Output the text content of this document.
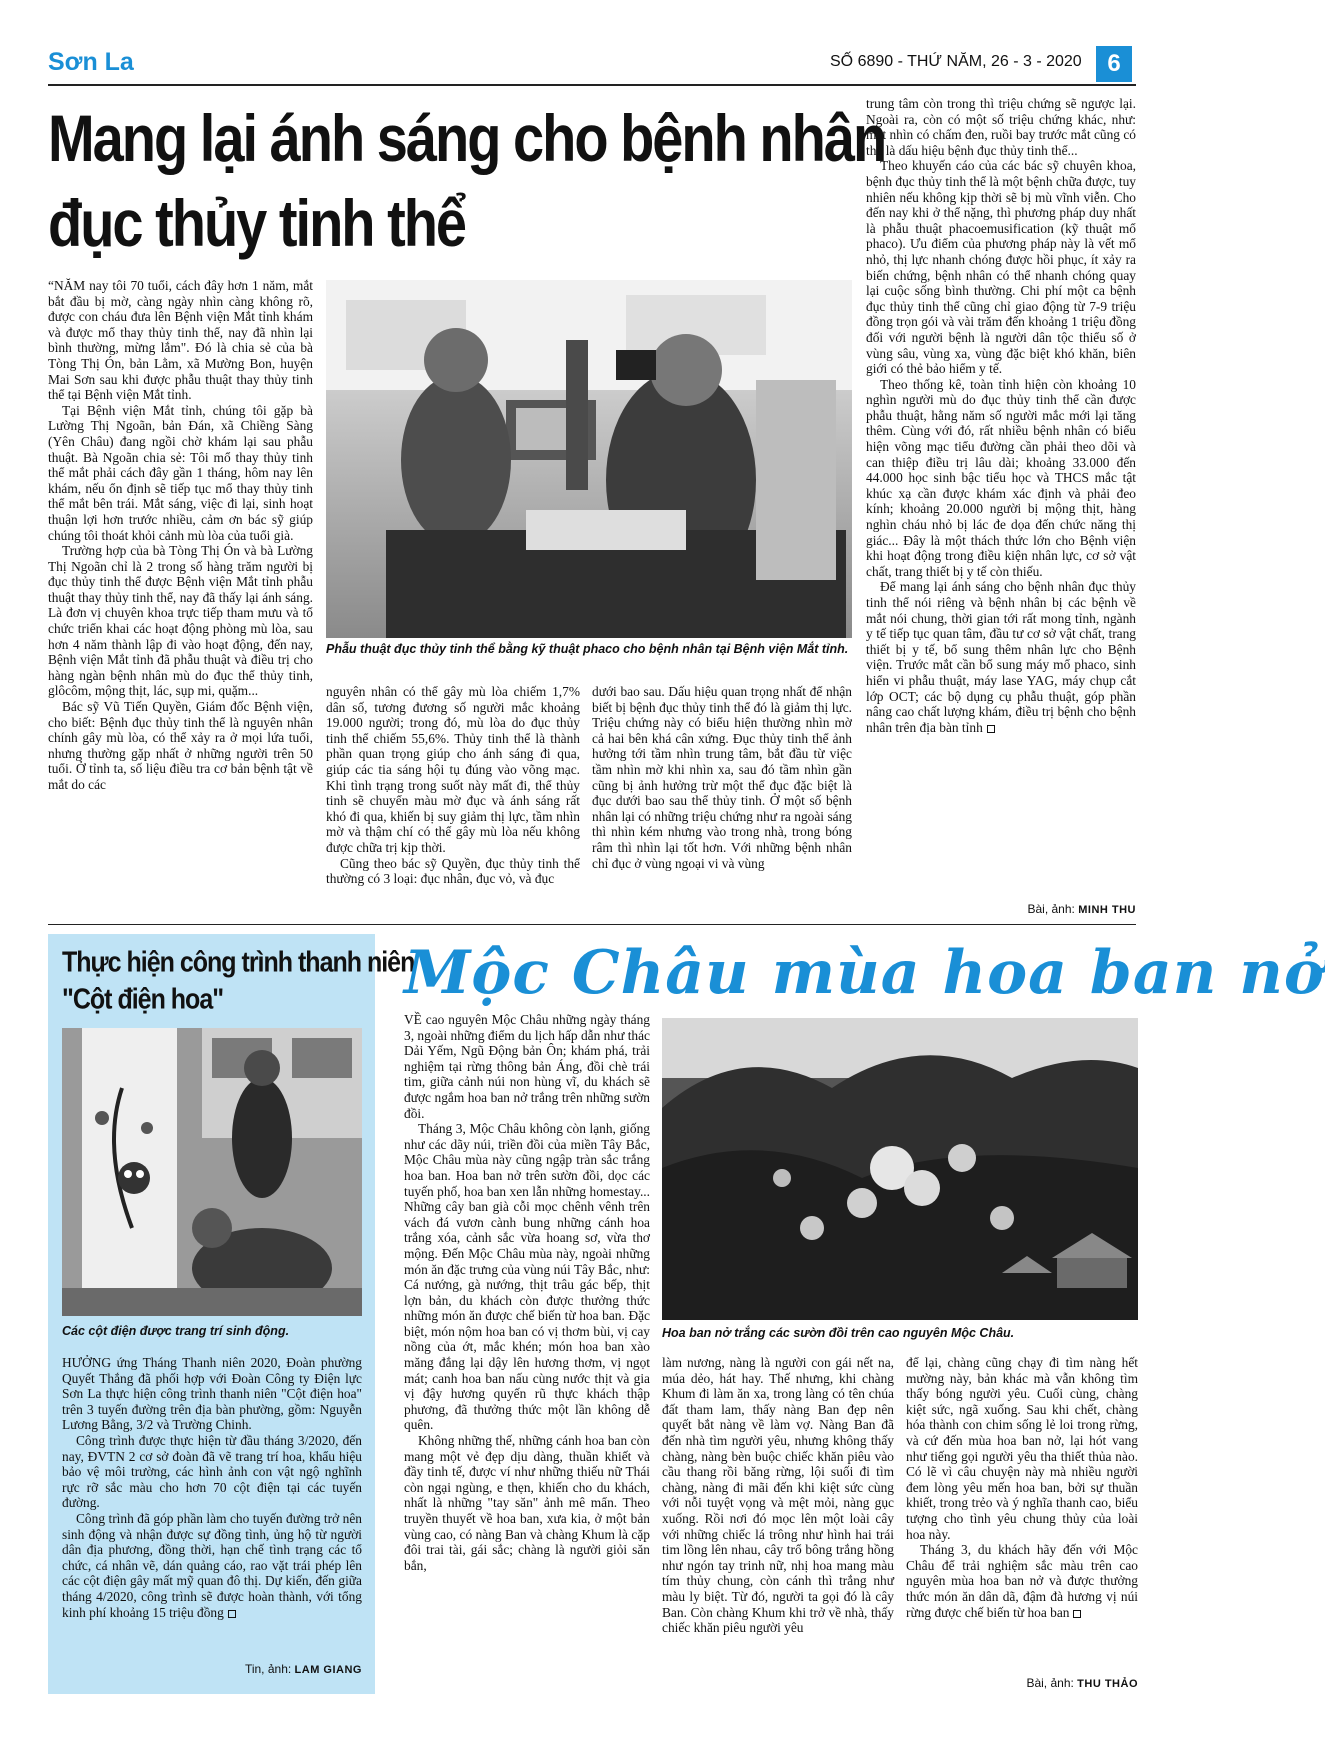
Sơn La	SỐ 6890 - THỨ NĂM, 26 - 3 - 2020	6
Mang lại ánh sáng cho bệnh nhân
đục thủy tinh thể

“NĂM nay tôi 70 tuổi, cách đây hơn 1 năm, mắt bắt đầu bị mờ, càng ngày nhìn càng không rõ, được con cháu đưa lên Bệnh viện Mắt tỉnh khám và được mổ thay thủy tinh thể, nay đã nhìn lại bình thường, mừng lắm". Đó là chia sẻ của bà Tòng Thị Ón, bản Lằm, xã Mường Bon, huyện Mai Sơn sau khi được phẫu thuật thay thủy tinh thể tại Bệnh viện Mắt tỉnh.

Tại Bệnh viện Mắt tỉnh, chúng tôi gặp bà Lường Thị Ngoãn, bản Đán, xã Chiềng Sàng (Yên Châu) đang ngồi chờ khám lại sau phẫu thuật. Bà Ngoãn chia sẻ: Tôi mổ thay thủy tinh thể mắt phải cách đây gần 1 tháng, hôm nay lên khám, nếu ổn định sẽ tiếp tục mổ thay thủy tinh thể mắt bên trái. Mắt sáng, việc đi lại, sinh hoạt thuận lợi hơn trước nhiều, cảm ơn bác sỹ giúp chúng tôi thoát khỏi cảnh mù lòa của tuổi già.

Trường hợp của bà Tòng Thị Ón và bà Lường Thị Ngoãn chỉ là 2 trong số hàng trăm người bị đục thủy tinh thể được Bệnh viện Mắt tỉnh phẫu thuật thay thủy tinh thể, nay đã thấy lại ánh sáng. Là đơn vị chuyên khoa trực tiếp tham mưu và tổ chức triển khai các hoạt động phòng mù lòa, sau hơn 4 năm thành lập đi vào hoạt động, đến nay, Bệnh viện Mắt tỉnh đã phẫu thuật và điều trị cho hàng ngàn bệnh nhân mù do đục thể thủy tinh, glôcôm, mộng thịt, lác, sụp mi, quặm...

Bác sỹ Vũ Tiến Quyền, Giám đốc Bệnh viện, cho biết: Bệnh đục thủy tinh thể là nguyên nhân chính gây mù lòa, có thể xảy ra ở mọi lứa tuổi, nhưng thường gặp nhất ở những người trên 50 tuổi. Ở tỉnh ta, số liệu điều tra cơ bản bệnh tật về mắt do các

Phẫu thuật đục thủy tinh thể bằng kỹ thuật phaco cho bệnh nhân tại Bệnh viện Mắt tỉnh.

nguyên nhân có thể gây mù lòa chiếm 1,7% dân số, tương đương số người mắc khoảng 19.000 người; trong đó, mù lòa do đục thủy tinh thể chiếm 55,6%. Thủy tinh thể là thành phần quan trọng giúp cho ánh sáng đi qua, giúp các tia sáng hội tụ đúng vào võng mạc. Khi tình trạng trong suốt này mất đi, thể thủy tinh sẽ chuyển màu mờ đục và ánh sáng rất khó đi qua, khiến bị suy giảm thị lực, tầm nhìn mờ và thậm chí có thể gây mù lòa nếu không được chữa trị kịp thời.

Cũng theo bác sỹ Quyền, đục thủy tinh thể thường có 3 loại: đục nhân, đục vỏ, và đục

dưới bao sau. Dấu hiệu quan trọng nhất để nhận biết bị bệnh đục thủy tinh thể đó là giảm thị lực. Triệu chứng này có biểu hiện thường nhìn mờ cả hai bên khá cân xứng. Đục thủy tinh thể ảnh hưởng tới tầm nhìn trung tâm, bắt đầu từ việc tầm nhìn mờ khi nhìn xa, sau đó tầm nhìn gần cũng bị ảnh hưởng trừ một thể đục đặc biệt là đục dưới bao sau thể thủy tinh. Ở một số bệnh nhân lại có những triệu chứng như ra ngoài sáng thì nhìn kém nhưng vào trong nhà, trong bóng râm thì nhìn lại tốt hơn. Với những bệnh nhân chỉ đục ở vùng ngoại vi và vùng

trung tâm còn trong thì triệu chứng sẽ ngược lại. Ngoài ra, còn có một số triệu chứng khác, như: mắt nhìn có chấm đen, ruồi bay trước mắt cũng có thể là dấu hiệu bệnh đục thủy tinh thể...

Theo khuyến cáo của các bác sỹ chuyên khoa, bệnh đục thủy tinh thể là một bệnh chữa được, tuy nhiên nếu không kịp thời sẽ bị mù vĩnh viễn. Cho đến nay khi ở thể nặng, thì phương pháp duy nhất là phẫu thuật phacoemusification (kỹ thuật mổ phaco). Ưu điểm của phương pháp này là vết mổ nhỏ, thị lực nhanh chóng được hồi phục, ít xảy ra biến chứng, bệnh nhân có thể nhanh chóng quay lại cuộc sống bình thường. Chi phí một ca bệnh đục thủy tinh thể cũng chỉ giao động từ 7-9 triệu đồng trọn gói và vài trăm đến khoảng 1 triệu đồng đối với người bệnh là người dân tộc thiểu số ở vùng sâu, vùng xa, vùng đặc biệt khó khăn, biên giới có thẻ bảo hiểm y tế.

Theo thống kê, toàn tỉnh hiện còn khoảng 10 nghìn người mù do đục thủy tinh thể cần được phẫu thuật, hằng năm số người mắc mới lại tăng thêm. Cùng với đó, rất nhiều bệnh nhân có biểu hiện võng mạc tiểu đường cần phải theo dõi và can thiệp điều trị lâu dài; khoảng 33.000 đến 44.000 học sinh bậc tiểu học và THCS mắc tật khúc xạ cần được khám xác định và phải đeo kính; khoảng 20.000 người bị mộng thịt, hàng nghìn cháu nhỏ bị lác đe dọa đến chức năng thị giác... Đây là một thách thức lớn cho Bệnh viện khi hoạt động trong điều kiện nhân lực, cơ sở vật chất, trang thiết bị y tế còn thiếu.

Để mang lại ánh sáng cho bệnh nhân đục thủy tinh thể nói riêng và bệnh nhân bị các bệnh về mắt nói chung, thời gian tới rất mong tỉnh, ngành y tế tiếp tục quan tâm, đầu tư cơ sở vật chất, trang thiết bị y tế, bổ sung thêm nhân lực cho Bệnh viện. Trước mắt cần bổ sung máy mổ phaco, sinh hiển vi phẫu thuật, máy lase YAG, máy chụp cắt lớp OCT; các bộ dụng cụ phẫu thuật, góp phần nâng cao chất lượng khám, điều trị bệnh cho bệnh nhân trên địa bàn tỉnh

Bài, ảnh: MINH THU
Thực hiện công trình thanh niên
"Cột điện hoa"
Các cột điện được trang trí sinh động.

HƯỞNG ứng Tháng Thanh niên 2020, Đoàn phường Quyết Thắng đã phối hợp với Đoàn Công ty Điện lực Sơn La thực hiện công trình thanh niên "Cột điện hoa" trên 3 tuyến đường trên địa bàn phường, gồm: Nguyễn Lương Bằng, 3/2 và Trường Chinh.

Công trình được thực hiện từ đầu tháng 3/2020, đến nay, ĐVTN 2 cơ sở đoàn đã vẽ trang trí hoa, khẩu hiệu bảo vệ môi trường, các hình ảnh con vật ngộ nghĩnh rực rỡ sắc màu cho hơn 70 cột điện tại các tuyến đường.

Công trình đã góp phần làm cho tuyến đường trở nên sinh động và nhận được sự đồng tình, ủng hộ từ người dân địa phương, đồng thời, hạn chế tình trạng các tổ chức, cá nhân vẽ, dán quảng cáo, rao vặt trái phép lên các cột điện gây mất mỹ quan đô thị. Dự kiến, đến giữa tháng 4/2020, công trình sẽ được hoàn thành, với tổng kinh phí khoảng 15 triệu đồng

Tin, ảnh: LAM GIANG
Mộc Châu mùa hoa ban nở

VỀ cao nguyên Mộc Châu những ngày tháng 3, ngoài những điểm du lịch hấp dẫn như thác Dải Yếm, Ngũ Động bản Ôn; khám phá, trải nghiệm tại rừng thông bản Áng, đồi chè trái tim, giữa cảnh núi non hùng vĩ, du khách sẽ được ngắm hoa ban nở trắng trên những sườn đồi.

Tháng 3, Mộc Châu không còn lạnh, giống như các dãy núi, triền đồi của miền Tây Bắc, Mộc Châu mùa này cũng ngập tràn sắc trắng hoa ban. Hoa ban nở trên sườn đồi, dọc các tuyến phố, hoa ban xen lẫn những homestay... Những cây ban già cỗi mọc chênh vênh trên vách đá vươn cành bung những cánh hoa trắng xóa, cảnh sắc vừa hoang sơ, vừa thơ mộng. Đến Mộc Châu mùa này, ngoài những món ăn đặc trưng của vùng núi Tây Bắc, như: Cá nướng, gà nướng, thịt trâu gác bếp, thịt lợn bản, du khách còn được thưởng thức những món ăn được chế biến từ hoa ban. Đặc biệt, món nộm hoa ban có vị thơm bùi, vị cay nồng của ớt, mắc khén; món hoa ban xào măng đắng lại dậy lên hương thơm, vị ngọt mát; canh hoa ban nấu cùng nước thịt và gia vị đậy hương quyến rũ thực khách thập phương, đã thưởng thức một lần không dễ quên.

Không những thế, những cánh hoa ban còn mang một vẻ đẹp dịu dàng, thuần khiết và đầy tinh tế, được ví như những thiếu nữ Thái còn ngại ngùng, e thẹn, khiến cho du khách, nhất là những "tay săn" ảnh mê mẩn. Theo truyền thuyết về hoa ban, xưa kia, ở một bản vùng cao, có nàng Ban và chàng Khum là cặp đôi trai tài, gái sắc; chàng là người giỏi săn bắn,

Hoa ban nở trắng các sườn đồi trên cao nguyên Mộc Châu.

làm nương, nàng là người con gái nết na, múa dẻo, hát hay. Thế nhưng, khi chàng Khum đi làm ăn xa, trong làng có tên chúa đất tham lam, thấy nàng Ban đẹp nên quyết bắt nàng về làm vợ. Nàng Ban đã đến nhà tìm người yêu, nhưng không thấy chàng, nàng bèn buộc chiếc khăn piêu vào cầu thang rồi băng rừng, lội suối đi tìm chàng, nàng đi mãi đến khi kiệt sức cùng với nỗi tuyệt vọng và mệt mỏi, nàng gục xuống. Rồi nơi đó mọc lên một loài cây với những chiếc lá trông như hình hai trái tim lồng lên nhau, cây trổ bông trắng hồng như ngón tay trinh nữ, nhị hoa mang màu tím thủy chung, còn cánh thì trắng như màu ly biệt. Từ đó, người ta gọi đó là cây Ban. Còn chàng Khum khi trở về nhà, thấy chiếc khăn piêu người yêu

để lại, chàng cũng chạy đi tìm nàng hết mường này, bản khác mà vẫn không tìm thấy bóng người yêu. Cuối cùng, chàng kiệt sức, ngã xuống. Sau khi chết, chàng hóa thành con chim sống lẻ loi trong rừng, và cứ đến mùa hoa ban nở, lại hót vang như tiếng gọi người yêu tha thiết thủa nào. Có lẽ vì câu chuyện này mà nhiều người đem lòng yêu mến hoa ban, bởi sự thuần khiết, trong trẻo và ý nghĩa thanh cao, biểu tượng cho tình yêu chung thủy của loài hoa này.

Tháng 3, du khách hãy đến với Mộc Châu để trải nghiệm sắc màu trên cao nguyên mùa hoa ban nở và được thưởng thức món ăn dân dã, đậm đà hương vị núi rừng được chế biến từ hoa ban

Bài, ảnh: THU THẢO
